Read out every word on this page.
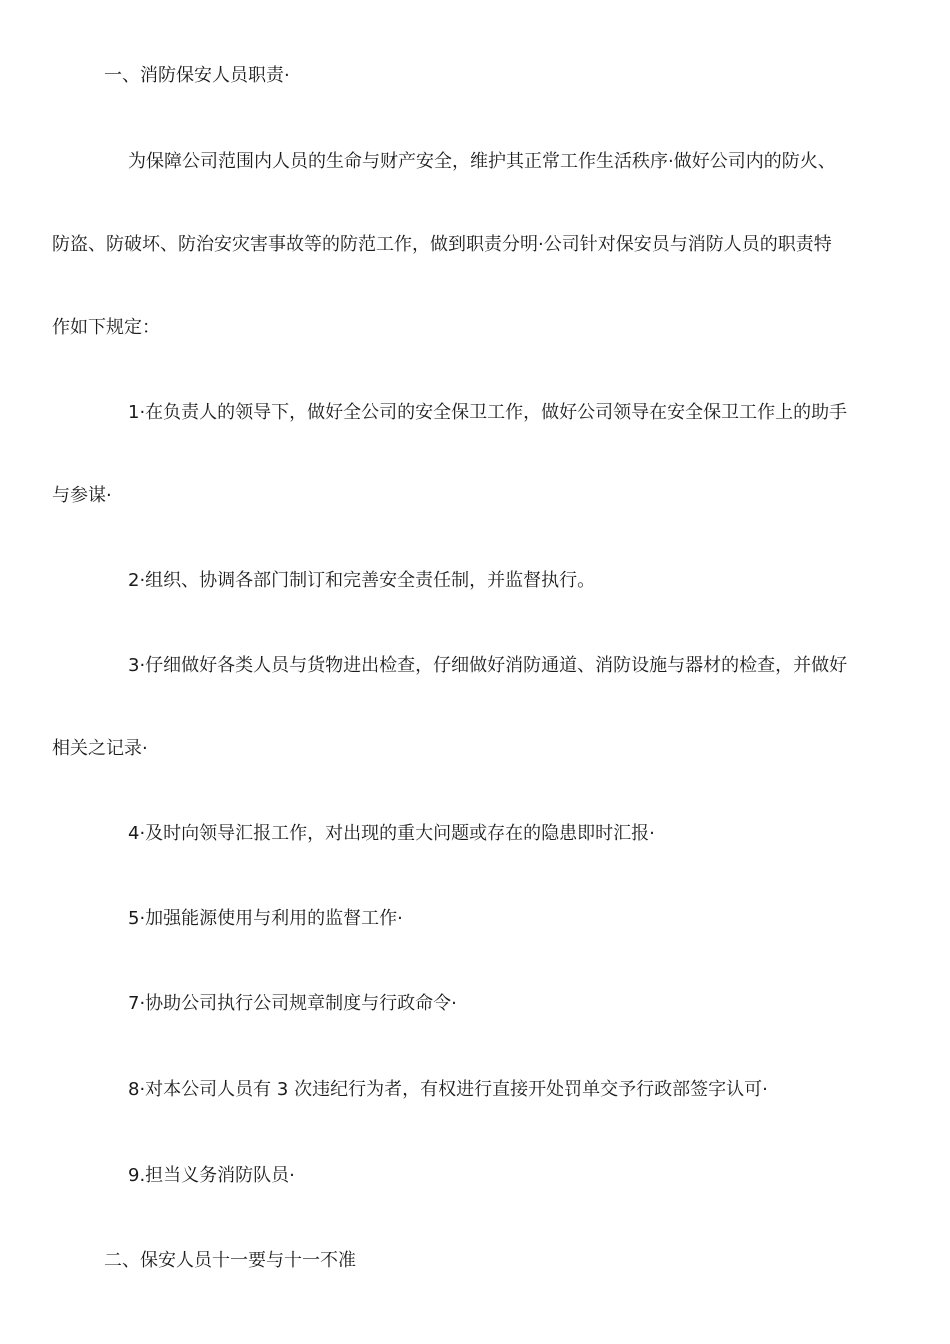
一、消防保安人员职责·

为保障公司范围内人员的生命与财产安全，维护其正常工作生活秩序·做好公司内的防火、

防盗、防破坏、防治安灾害事故等的防范工作，做到职责分明·公司针对保安员与消防人员的职责特

作如下规定：

1·在负责人的领导下，做好全公司的安全保卫工作，做好公司领导在安全保卫工作上的助手

与参谋·

2·组织、协调各部门制订和完善安全责任制，并监督执行。

3·仔细做好各类人员与货物进出检查，仔细做好消防通道、消防设施与器材的检查，并做好

相关之记录·

4·及时向领导汇报工作，对出现的重大问题或存在的隐患即时汇报·

5·加强能源使用与利用的监督工作·

7·协助公司执行公司规章制度与行政命令·

8·对本公司人员有 3 次违纪行为者，有权进行直接开处罚单交予行政部签字认可·

9.担当义务消防队员·

二、保安人员十一要与十一不准
